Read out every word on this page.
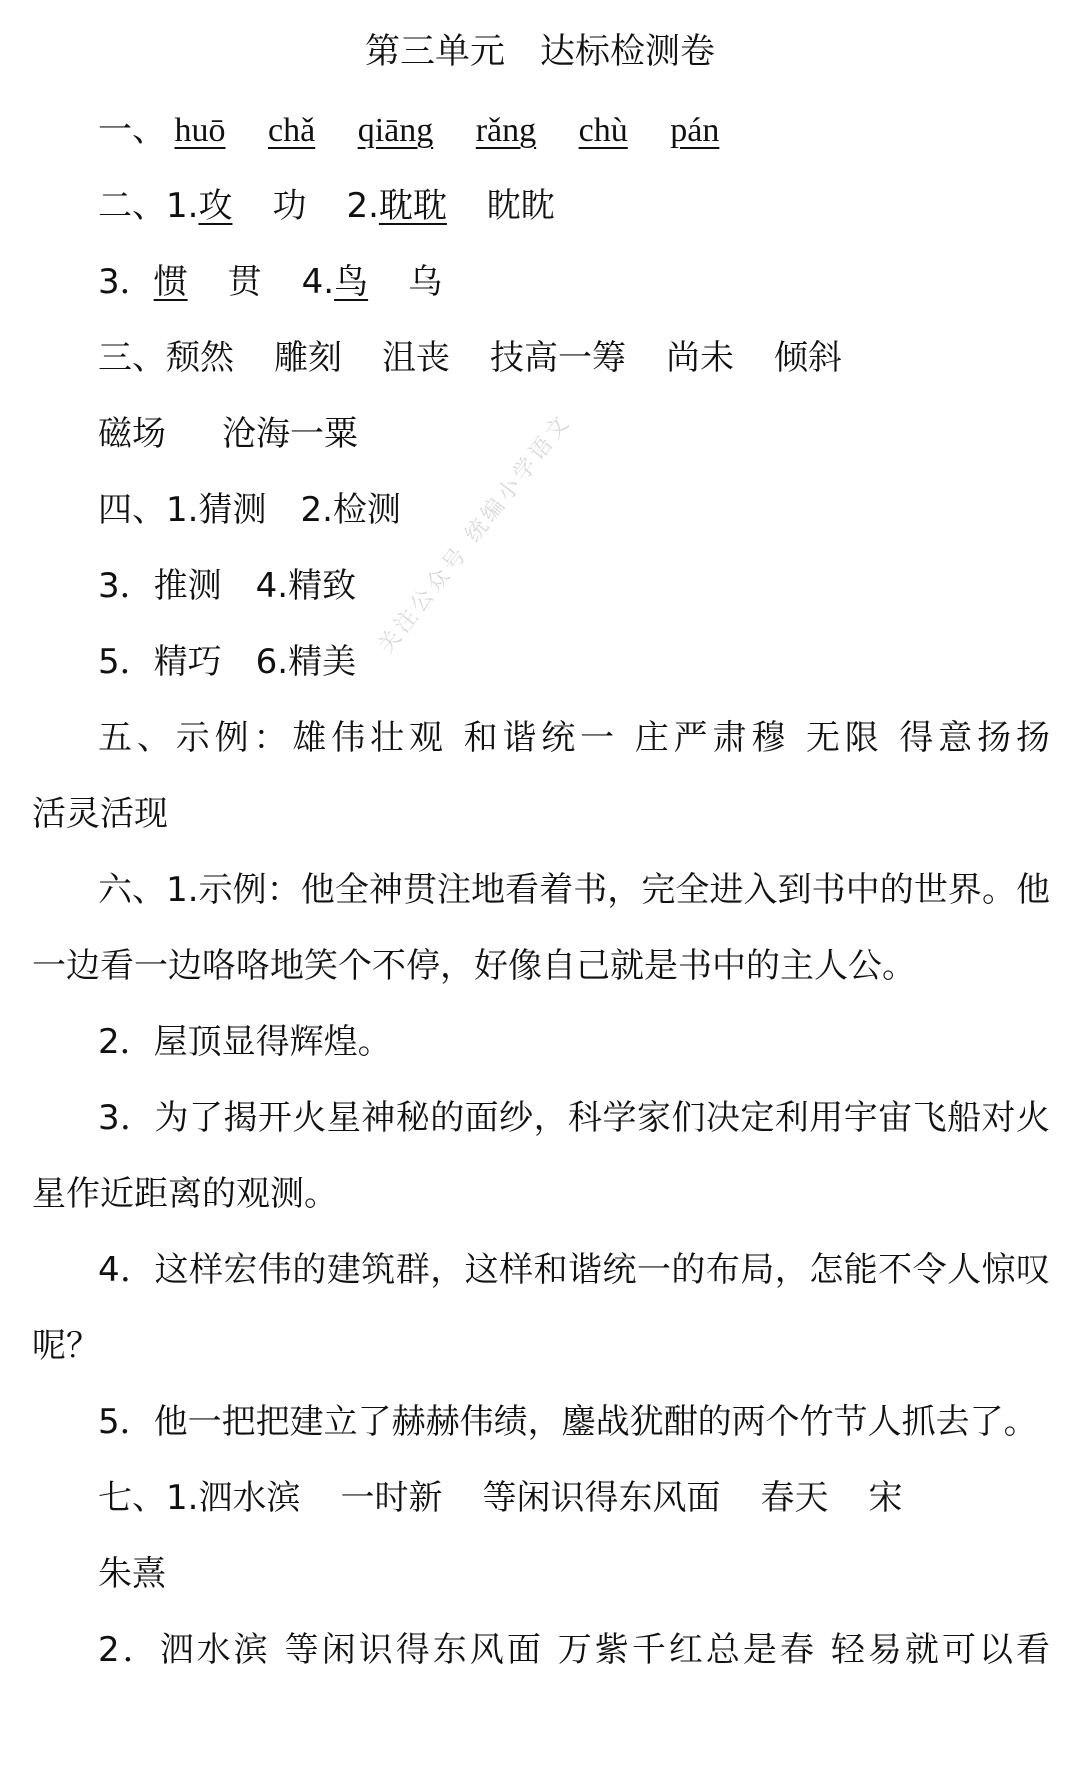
第三单元　达标检测卷
关注公众号 统编小学语文
一、 huō chǎ qiāng rǎng chù pán
二、1.攻 功 2.耽耽 眈眈
3．惯 贯 4.鸟 乌
三、颓然 雕刻 沮丧 技高一筹 尚未 倾斜
磁场 沧海一粟
四、1.猜测　2.检测
3．推测　4.精致
5．精巧　6.精美
五、示例：雄伟壮观 和谐统一 庄严肃穆 无限 得意扬扬
活灵活现
六、1.示例：他全神贯注地看着书，完全进入到书中的世界。他
一边看一边咯咯地笑个不停，好像自己就是书中的主人公。
2．屋顶显得辉煌。
3．为了揭开火星神秘的面纱，科学家们决定利用宇宙飞船对火
星作近距离的观测。
4．这样宏伟的建筑群，这样和谐统一的布局，怎能不令人惊叹
呢？
5．他一把把建立了赫赫伟绩，鏖战犹酣的两个竹节人抓去了。
七、1.泗水滨 一时新 等闲识得东风面 春天 宋
朱熹
2．泗水滨 等闲识得东风面 万紫千红总是春 轻易就可以看
